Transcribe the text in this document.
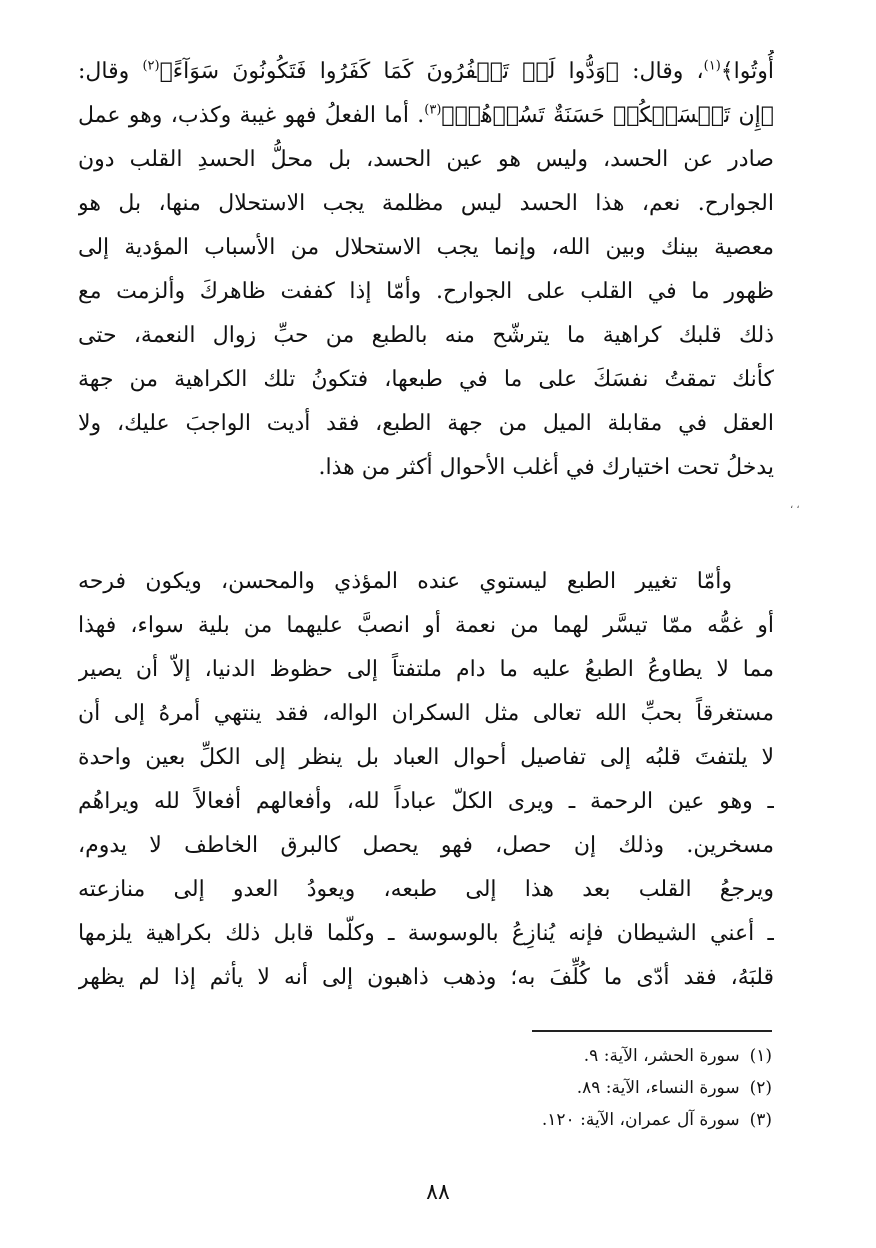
أُوتُوا﴾$^{(١)}$، وقال: ﴿وَدُّوا لَوۡ تَكۡفُرُونَ كَمَا كَفَرُوا فَتَكُونُونَ سَوَآءً﴾$^{(٢)}$ وقال:
﴿إِن تَمۡسَسۡكُمۡ حَسَنَةٌ تَسُؤۡهُمۡ﴾$^{(٣)}$. أما الفعلُ فهو غيبة وكذب، وهو عمل
صادر عن الحسد، وليس هو عين الحسد، بل محلُّ الحسدِ القلب دون
الجوارح. نعم، هذا الحسد ليس مظلمة يجب الاستحلال منها، بل هو
معصية بينك وبين الله، وإنما يجب الاستحلال من الأسباب المؤدية إلى
ظهور ما في القلب على الجوارح. وأمّا إذا كففت ظاهركَ وألزمت مع
ذلك قلبك كراهية ما يترشّح منه بالطبع من حبِّ زوال النعمة، حتى
كأنك تمقتُ نفسَكَ على ما في طبعها، فتكونُ تلك الكراهية من جهة
العقل في مقابلة الميل من جهة الطبع، فقد أديت الواجبَ عليك، ولا
يدخلُ تحت اختيارك في أغلب الأحوال أكثر من هذا.
، ،
وأمّا تغيير الطبع ليستوي عنده المؤذي والمحسن، ويكون فرحه
أو غمُّه ممّا تيسَّر لهما من نعمة أو انصبَّ عليهما من بلية سواء، فهذا
مما لا يطاوعُ الطبعُ عليه ما دام ملتفتاً إلى حظوظ الدنيا، إلاّ أن يصير
مستغرقاً بحبِّ الله تعالى مثل السكران الواله، فقد ينتهي أمرهُ إلى أن
لا يلتفتَ قلبُه إلى تفاصيل أحوال العباد بل ينظر إلى الكلِّ بعين واحدة
ـ وهو عين الرحمة ـ ويرى الكلّ عباداً لله، وأفعالهم أفعالاً لله ويراهُم
مسخرين. وذلك إن حصل، فهو يحصل كالبرق الخاطف لا يدوم،
ويرجعُ القلب بعد هذا إلى طبعه، ويعودُ العدو إلى منازعته
ـ أعني الشيطان فإنه يُنازِعُ بالوسوسة ـ وكلّما قابل ذلك بكراهية يلزمها
قلبَهُ، فقد أدّى ما كُلِّفَ به؛ وذهب ذاهبون إلى أنه لا يأثم إذا لم يظهر
(١)سورة الحشر، الآية: ٩.
(٢)سورة النساء، الآية: ٨٩.
(٣)سورة آل عمران، الآية: ١٢٠.
٨٨
